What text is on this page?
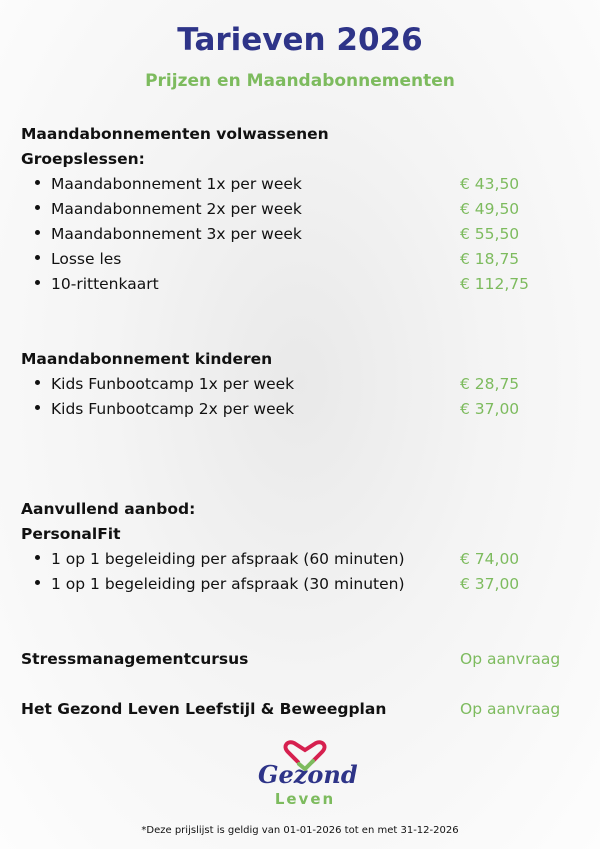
Tarieven 2026
Prijzen en Maandabonnementen
Maandabonnementen volwassenen
Groepslessen:
Maandabonnement 1x per week	€ 43,50
Maandabonnement 2x per week	€ 49,50
Maandabonnement 3x per week	€ 55,50
Losse les	€ 18,75
10-rittenkaart	€ 112,75
Maandabonnement kinderen
Kids Funbootcamp 1x per week	€ 28,75
Kids Funbootcamp 2x per week	€ 37,00
Aanvullend aanbod:
PersonalFit
1 op 1 begeleiding per afspraak (60 minuten)	€ 74,00
1 op 1 begeleiding per afspraak (30 minuten)	€ 37,00
Stressmanagementcursus	Op aanvraag
Het Gezond Leven Leefstijl & Beweegplan	Op aanvraag
Gezond
Leven
*Deze prijslijst is geldig van 01-01-2026 tot en met 31-12-2026
